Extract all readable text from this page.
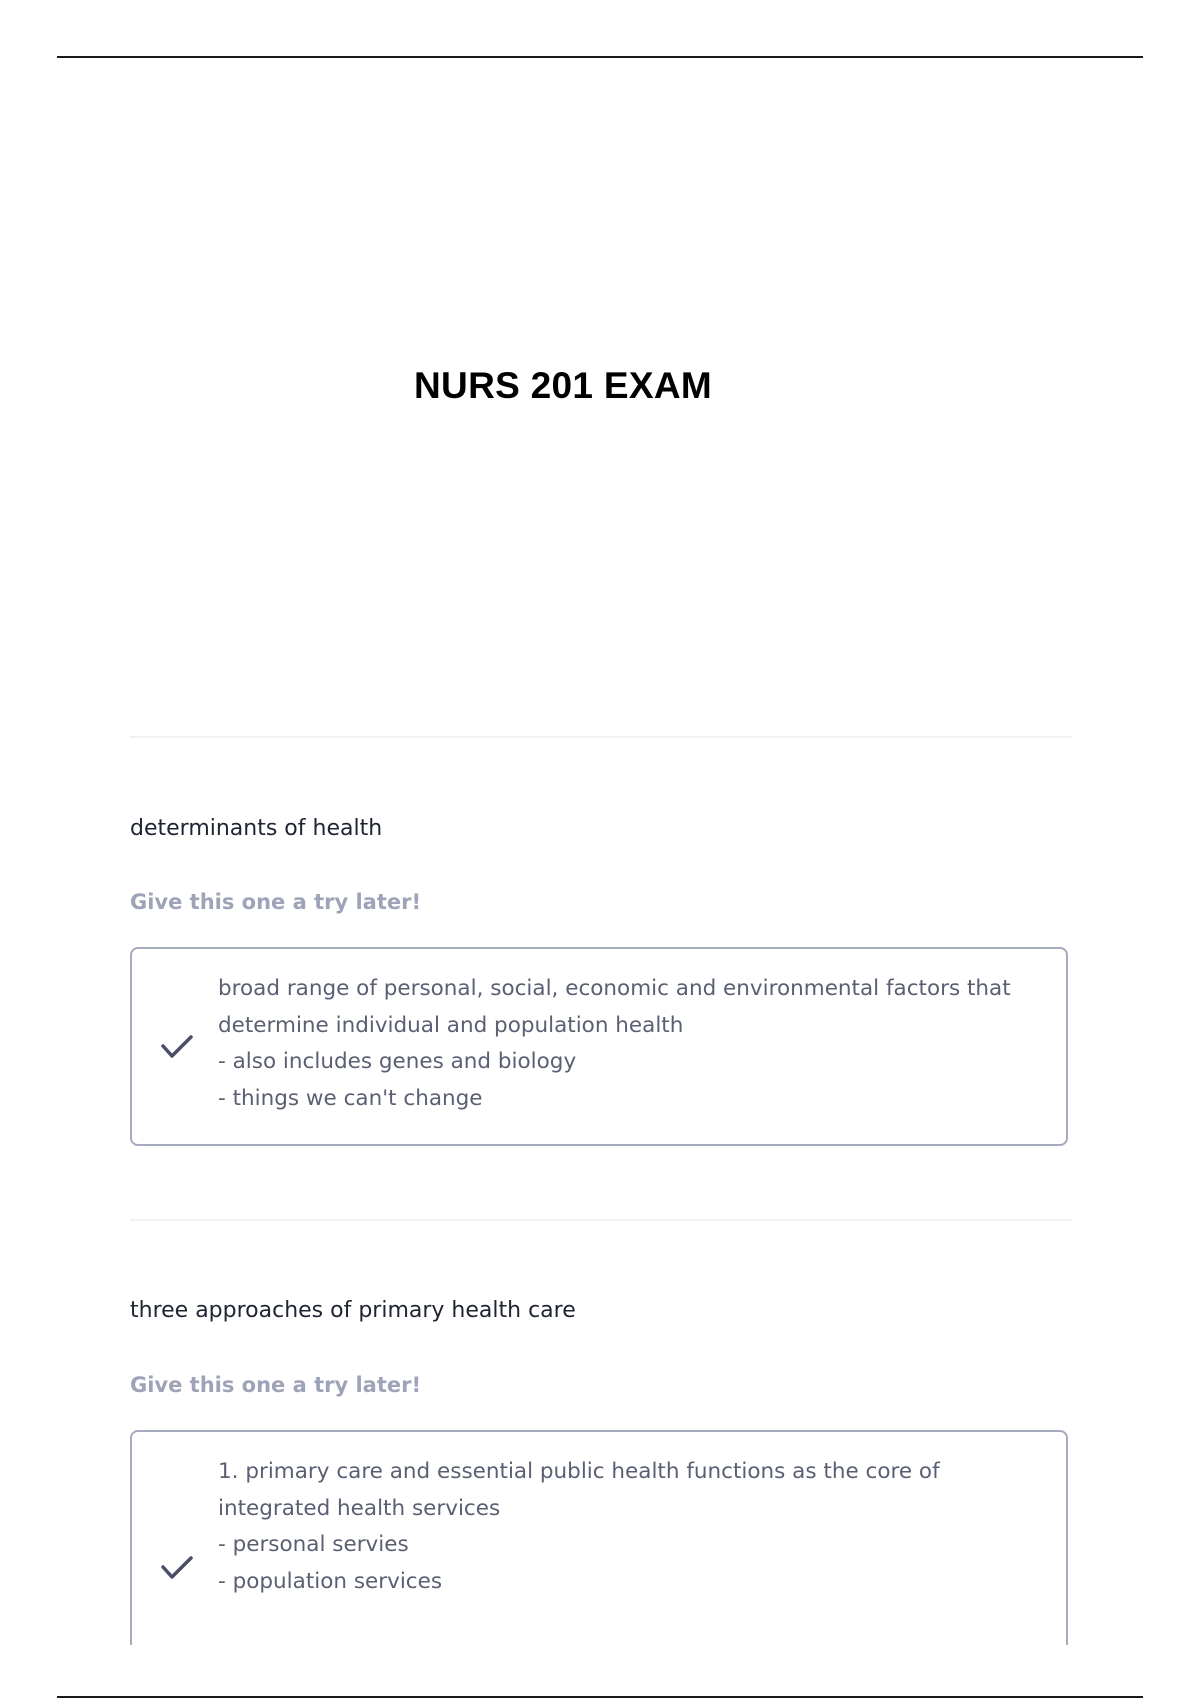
NURS 201 EXAM
determinants of health
Give this one a try later!
broad range of personal, social, economic and environmental factors that
determine individual and population health
- also includes genes and biology
- things we can't change
three approaches of primary health care
Give this one a try later!
1. primary care and essential public health functions as the core of
integrated health services
- personal servies
- population services
